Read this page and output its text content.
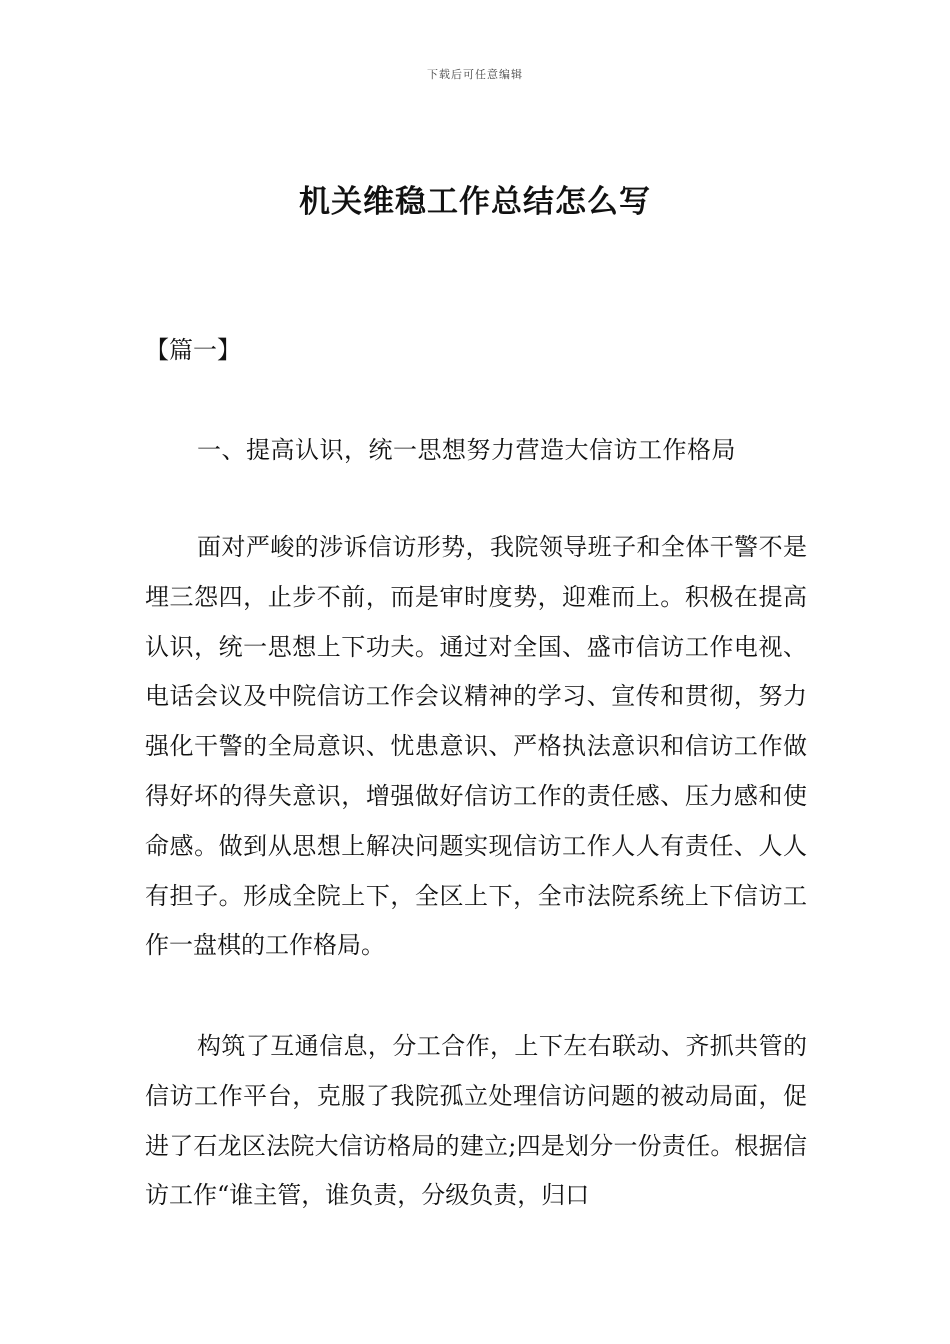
下载后可任意编辑
机关维稳工作总结怎么写
【篇一】
一、提高认识，统一思想努力营造大信访工作格局

面对严峻的涉诉信访形势，我院领导班子和全体干警不是埋三怨四，止步不前，而是审时度势，迎难而上。积极在提高认识，统一思想上下功夫。通过对全国、盛市信访工作电视、电话会议及中院信访工作会议精神的学习、宣传和贯彻，努力强化干警的全局意识、忧患意识、严格执法意识和信访工作做得好坏的得失意识，增强做好信访工作的责任感、压力感和使命感。做到从思想上解决问题实现信访工作人人有责任、人人有担子。形成全院上下，全区上下，全市法院系统上下信访工作一盘棋的工作格局。

构筑了互通信息，分工合作，上下左右联动、齐抓共管的信访工作平台，克服了我院孤立处理信访问题的被动局面，促进了石龙区法院大信访格局的建立;四是划分一份责任。根据信访工作“谁主管，谁负责，分级负责，归口
